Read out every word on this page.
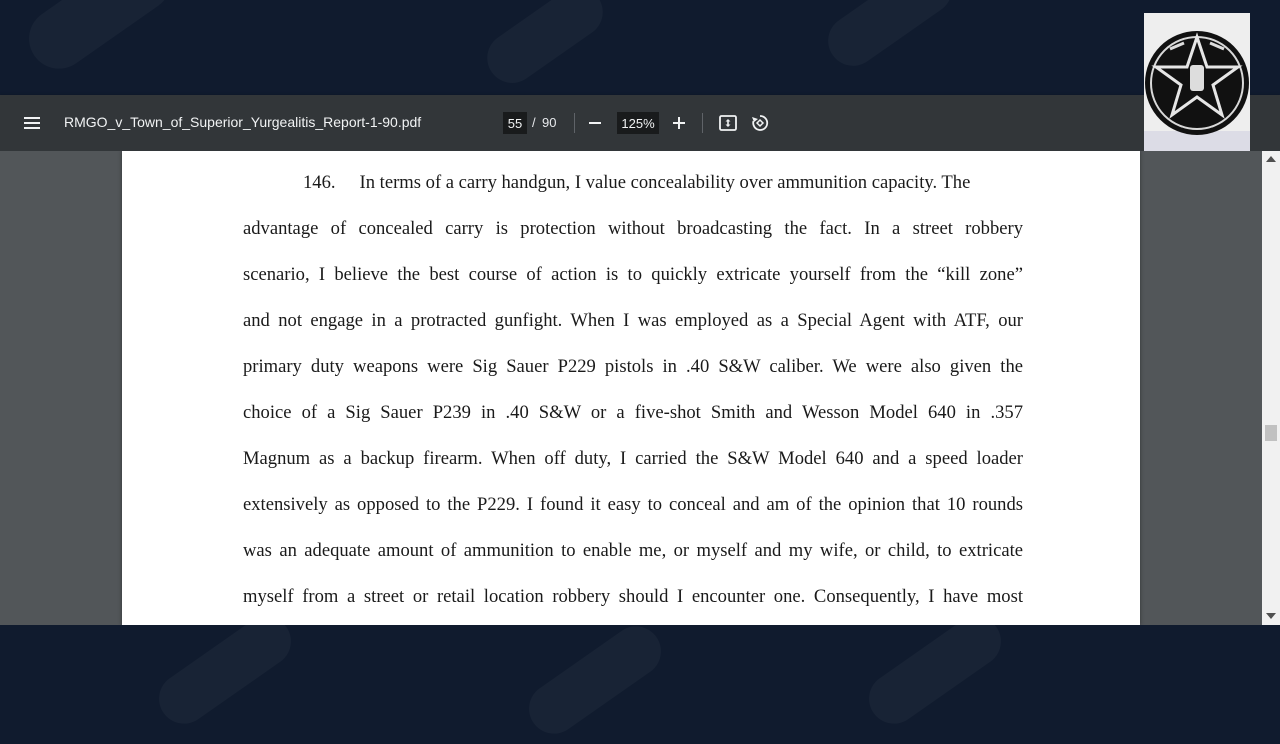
RMGO_v_Town_of_Superior_Yurgealitis_Report-1-90.pdf
55	/ 90
125%
146. In terms of a carry handgun, I value concealability over ammunition capacity. The
advantage of concealed carry is protection without broadcasting the fact. In a street robbery
scenario, I believe the best course of action is to quickly extricate yourself from the “kill zone”
and not engage in a protracted gunfight. When I was employed as a Special Agent with ATF, our
primary duty weapons were Sig Sauer P229 pistols in .40 S&W caliber. We were also given the
choice of a Sig Sauer P239 in .40 S&W or a five-shot Smith and Wesson Model 640 in .357
Magnum as a backup firearm. When off duty, I carried the S&W Model 640 and a speed loader
extensively as opposed to the P229. I found it easy to conceal and am of the opinion that 10 rounds
was an adequate amount of ammunition to enable me, or myself and my wife, or child, to extricate
myself from a street or retail location robbery should I encounter one. Consequently, I have most
